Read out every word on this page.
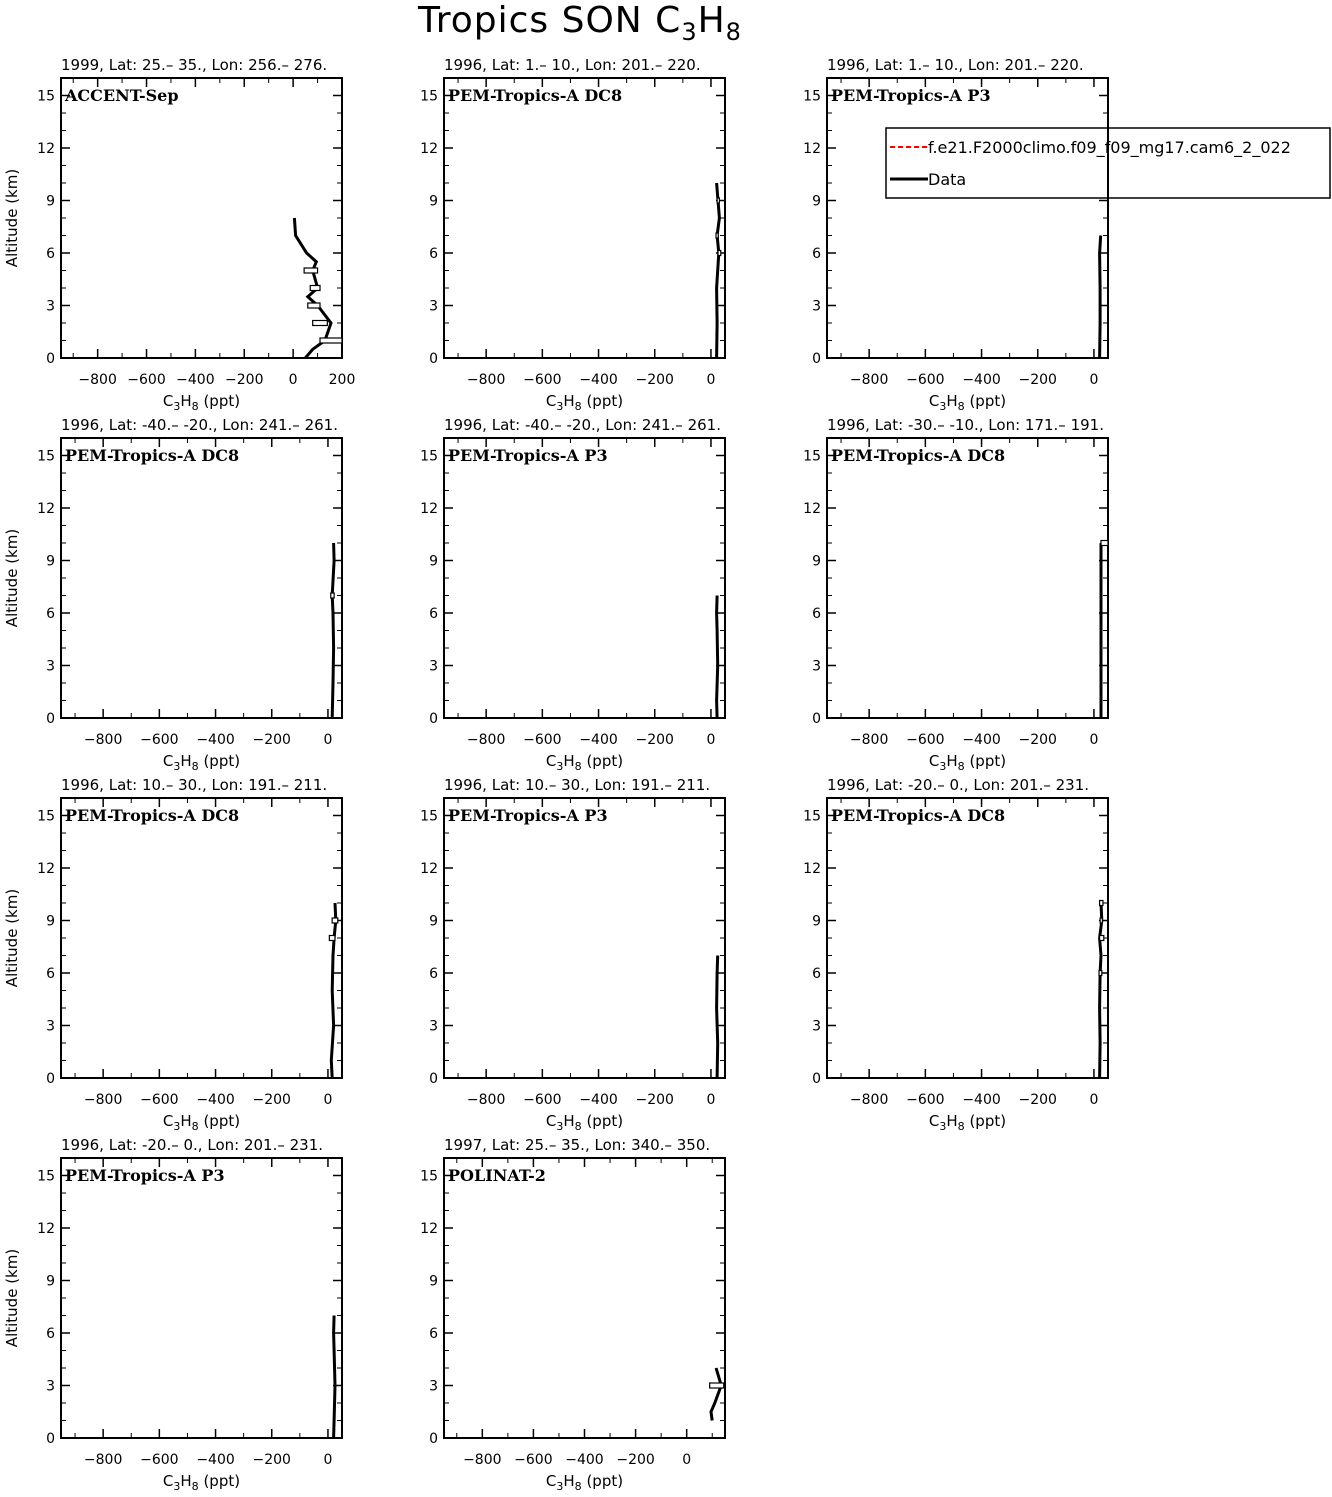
Tropics SON $C_3H_8$
1999, Lat: 25.– 35., Lon: 256.– 276.
ACCENT-Sep
0
3
6
9
12
15
−800 −600 −400 −200 0 200
$C_3H_8$ (ppt)
Altitude (km)
1996, Lat: 1.– 10., Lon: 201.– 220.
PEM-Tropics-A DC8
0
3
6
9
12
15
−800 −600 −400 −200 0
$C_3H_8$ (ppt)
1996, Lat: 1.– 10., Lon: 201.– 220.
PEM-Tropics-A P3
0
3
6
9
12
15
−800 −600 −400 −200 0
$C_3H_8$ (ppt)
1996, Lat: -40.– -20., Lon: 241.– 261.
PEM-Tropics-A DC8
0
3
6
9
12
15
−800 −600 −400 −200 0
$C_3H_8$ (ppt)
Altitude (km)
1996, Lat: -40.– -20., Lon: 241.– 261.
PEM-Tropics-A P3
0
3
6
9
12
15
−800 −600 −400 −200 0
$C_3H_8$ (ppt)
1996, Lat: -30.– -10., Lon: 171.– 191.
PEM-Tropics-A DC8
0
3
6
9
12
15
−800 −600 −400 −200 0
$C_3H_8$ (ppt)
1996, Lat: 10.– 30., Lon: 191.– 211.
PEM-Tropics-A DC8
0
3
6
9
12
15
−800 −600 −400 −200 0
$C_3H_8$ (ppt)
Altitude (km)
1996, Lat: 10.– 30., Lon: 191.– 211.
PEM-Tropics-A P3
0
3
6
9
12
15
−800 −600 −400 −200 0
$C_3H_8$ (ppt)
1996, Lat: -20.– 0., Lon: 201.– 231.
PEM-Tropics-A DC8
0
3
6
9
12
15
−800 −600 −400 −200 0
$C_3H_8$ (ppt)
1996, Lat: -20.– 0., Lon: 201.– 231.
PEM-Tropics-A P3
0
3
6
9
12
15
−800 −600 −400 −200 0
$C_3H_8$ (ppt)
Altitude (km)
1997, Lat: 25.– 35., Lon: 340.– 350.
POLINAT-2
0
3
6
9
12
15
−800 −600 −400 −200 0
$C_3H_8$ (ppt)
f.e21.F2000climo.f09_f09_mg17.cam6_2_022
Data
